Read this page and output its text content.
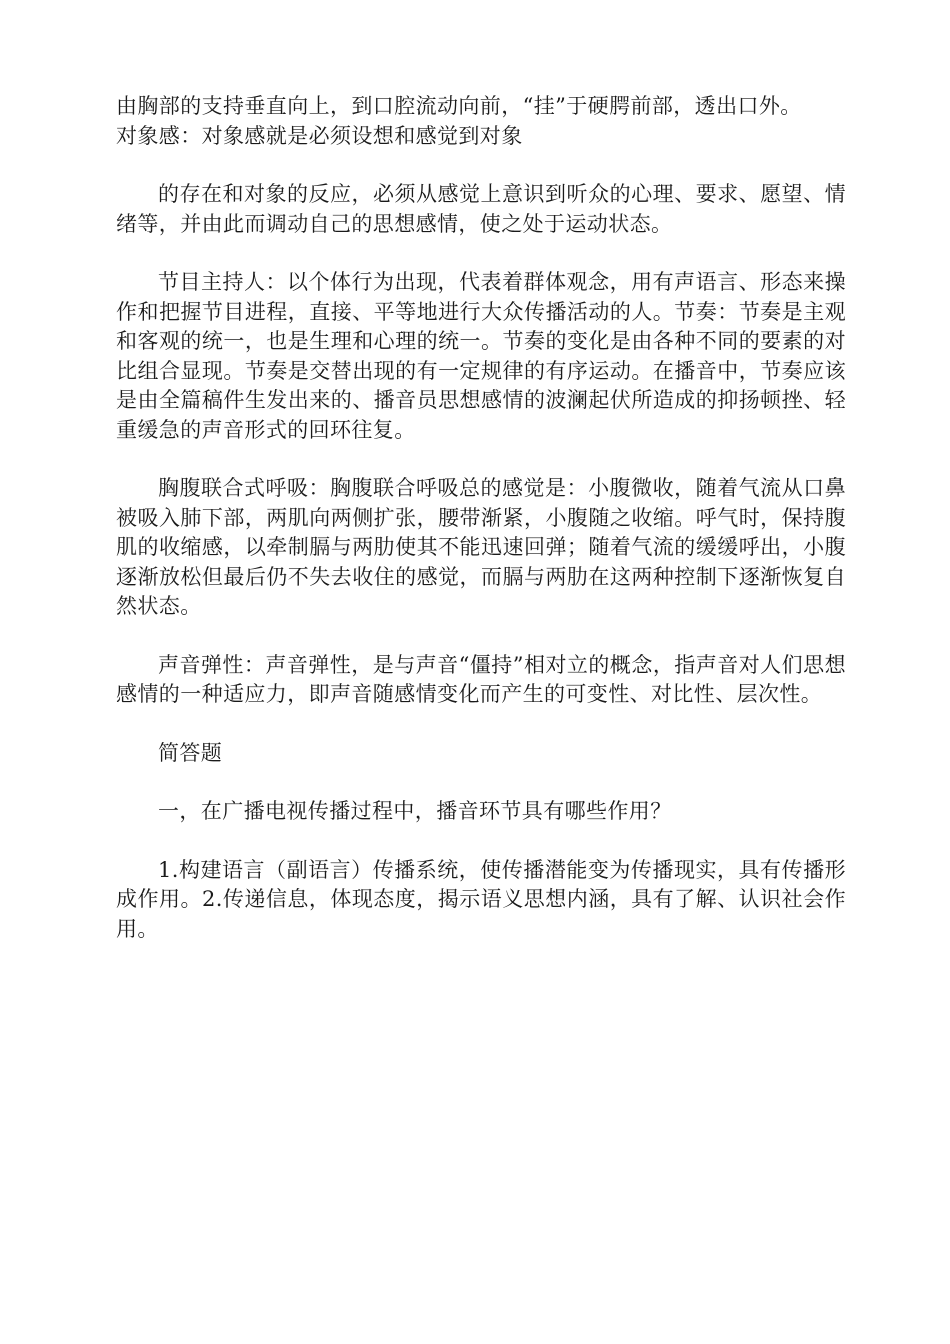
由胸部的支持垂直向上，到口腔流动向前，“挂”于硬腭前部，透出口外。

对象感：对象感就是必须设想和感觉到对象

的存在和对象的反应，必须从感觉上意识到听众的心理、要求、愿望、情绪等，并由此而调动自己的思想感情，使之处于运动状态。

节目主持人：以个体行为出现，代表着群体观念，用有声语言、形态来操作和把握节目进程，直接、平等地进行大众传播活动的人。节奏：节奏是主观和客观的统一，也是生理和心理的统一。节奏的变化是由各种不同的要素的对比组合显现。节奏是交替出现的有一定规律的有序运动。在播音中，节奏应该是由全篇稿件生发出来的、播音员思想感情的波澜起伏所造成的抑扬顿挫、轻重缓急的声音形式的回环往复。

胸腹联合式呼吸：胸腹联合呼吸总的感觉是：小腹微收，随着气流从口鼻被吸入肺下部，两肌向两侧扩张，腰带渐紧，小腹随之收缩。呼气时，保持腹肌的收缩感，以牵制膈与两肋使其不能迅速回弹；随着气流的缓缓呼出，小腹逐渐放松但最后仍不失去收住的感觉，而膈与两肋在这两种控制下逐渐恢复自然状态。

声音弹性：声音弹性，是与声音“僵持”相对立的概念，指声音对人们思想感情的一种适应力，即声音随感情变化而产生的可变性、对比性、层次性。

简答题

一，在广播电视传播过程中，播音环节具有哪些作用？

1.构建语言（副语言）传播系统，使传播潜能变为传播现实，具有传播形成作用。2.传递信息，体现态度，揭示语义思想内涵，具有了解、认识社会作用。
